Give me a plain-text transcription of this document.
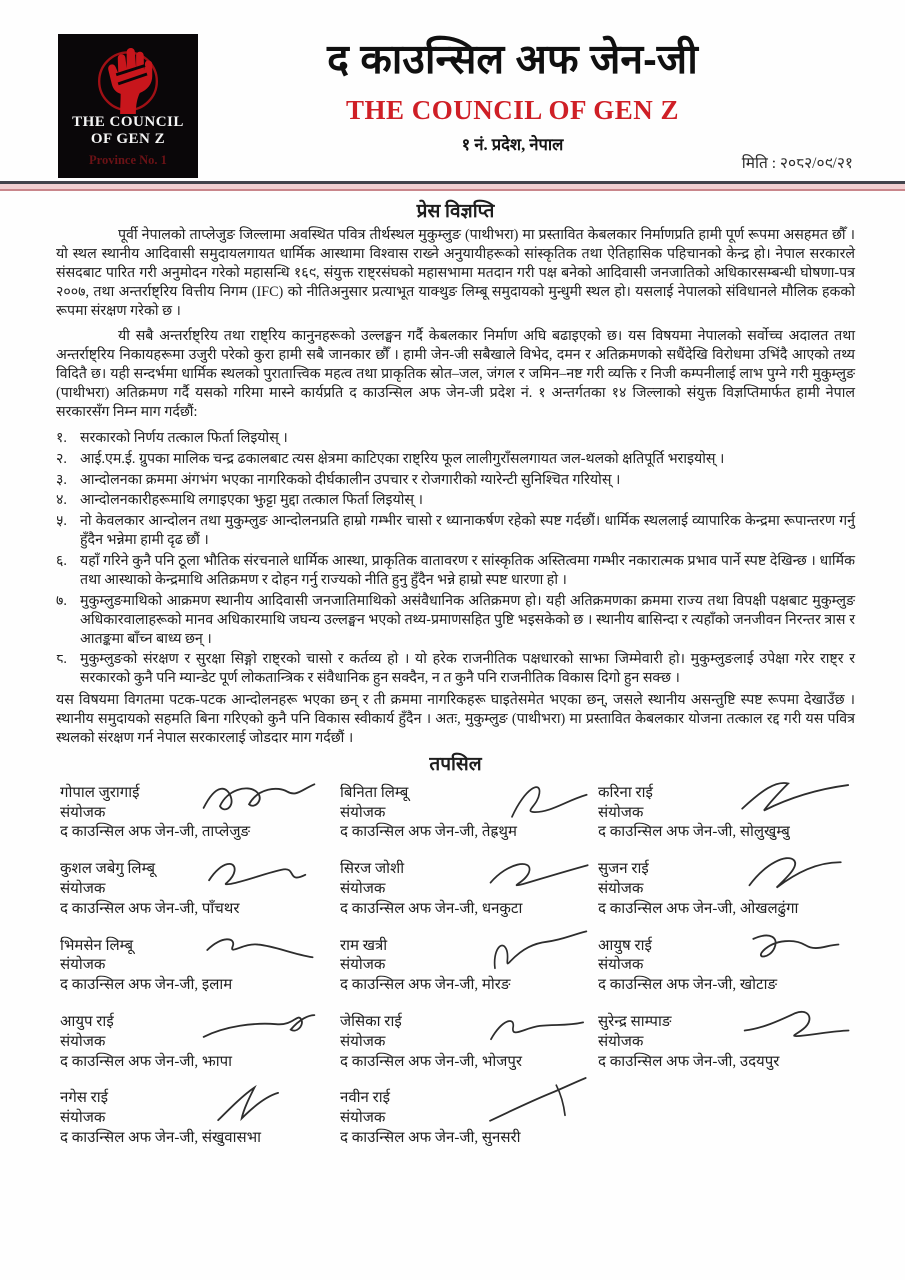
THE COUNCIL
OF GEN Z
Province No. 1
द काउन्सिल अफ जेन-जी
THE COUNCIL OF GEN Z
१ नं. प्रदेश, नेपाल
मिति : २०८२/०९/२१
प्रेस विज्ञप्ति

पूर्वी नेपालको ताप्लेजुङ जिल्लामा अवस्थित पवित्र तीर्थस्थल मुकुम्लुङ (पाथीभरा) मा प्रस्तावित केबलकार निर्माणप्रति हामी पूर्ण रूपमा असहमत छौँ । यो स्थल स्थानीय आदिवासी समुदायलगायत धार्मिक आस्थामा विश्वास राख्ने अनुयायीहरूको सांस्कृतिक तथा ऐतिहासिक पहिचानको केन्द्र हो। नेपाल सरकारले संसदबाट पारित गरी अनुमोदन गरेको महासन्धि १६९, संयुक्त राष्ट्रसंघको महासभामा मतदान गरी पक्ष बनेको आदिवासी जनजातिको अधिकारसम्बन्धी घोषणा-पत्र २००७, तथा अन्तर्राष्ट्रिय वित्तीय निगम (IFC) को नीतिअनुसार प्रत्याभूत याक्थुङ लिम्बू समुदायको मुन्धुमी स्थल हो। यसलाई नेपालको संविधानले मौलिक हकको रूपमा संरक्षण गरेको छ ।

यी सबै अन्तर्राष्ट्रिय तथा राष्ट्रिय कानुनहरूको उल्लङ्घन गर्दै केबलकार निर्माण अघि बढाइएको छ। यस विषयमा नेपालको सर्वोच्च अदालत तथा अन्तर्राष्ट्रिय निकायहरूमा उजुरी परेको कुरा हामी सबै जानकार छौँ । हामी जेन-जी सबैखाले विभेद, दमन र अतिक्रमणको सधैंदेखि विरोधमा उभिंदै आएको तथ्य विदितै छ। यही सन्दर्भमा धार्मिक स्थलको पुरातात्त्विक महत्व तथा प्राकृतिक स्रोत–जल, जंगल र जमिन–नष्ट गरी व्यक्ति र निजी कम्पनीलाई लाभ पुग्ने गरी मुकुम्लुङ (पाथीभरा) अतिक्रमण गर्दै यसको गरिमा मास्ने कार्यप्रति द काउन्सिल अफ जेन-जी प्रदेश नं. १ अन्तर्गतका १४ जिल्लाको संयुक्त विज्ञप्तिमार्फत हामी नेपाल सरकारसँग निम्न माग गर्दछौं:

१. सरकारको निर्णय तत्काल फिर्ता लिइयोस् ।
२. आई.एम.ई. ग्रुपका मालिक चन्द्र ढकालबाट त्यस क्षेत्रमा काटिएका राष्ट्रिय फूल लालीगुराँसलगायत जल-थलको क्षतिपूर्ति भराइयोस् ।
३. आन्दोलनका क्रममा अंगभंग भएका नागरिकको दीर्घकालीन उपचार र रोजगारीको ग्यारेन्टी सुनिश्चित गरियोस् ।
४. आन्दोलनकारीहरूमाथि लगाइएका झुट्टा मुद्दा तत्काल फिर्ता लिइयोस् ।
५. नो केवलकार आन्दोलन तथा मुकुम्लुङ आन्दोलनप्रति हाम्रो गम्भीर चासो र ध्यानाकर्षण रहेको स्पष्ट गर्दछौं। धार्मिक स्थललाई व्यापारिक केन्द्रमा रूपान्तरण गर्नु हुँदैन भन्नेमा हामी दृढ छौं ।
६. यहाँ गरिने कुनै पनि ठूला भौतिक संरचनाले धार्मिक आस्था, प्राकृतिक वातावरण र सांस्कृतिक अस्तित्वमा गम्भीर नकारात्मक प्रभाव पार्ने स्पष्ट देखिन्छ । धार्मिक तथा आस्थाको केन्द्रमाथि अतिक्रमण र दोहन गर्नु राज्यको नीति हुनु हुँदैन भन्ने हाम्रो स्पष्ट धारणा हो ।
७. मुकुम्लुङमाथिको आक्रमण स्थानीय आदिवासी जनजातिमाथिको असंवैधानिक अतिक्रमण हो। यही अतिक्रमणका क्रममा राज्य तथा विपक्षी पक्षबाट मुकुम्लुङ अधिकारवालाहरूको मानव अधिकारमाथि जघन्य उल्लङ्घन भएको तथ्य-प्रमाणसहित पुष्टि भइसकेको छ । स्थानीय बासिन्दा र त्यहाँको जनजीवन निरन्तर त्रास र आतङ्कमा बाँच्न बाध्य छन् ।
८. मुकुम्लुङको संरक्षण र सुरक्षा सिङ्गो राष्ट्रको चासो र कर्तव्य हो । यो हरेक राजनीतिक पक्षधारको साझा जिम्मेवारी हो। मुकुम्लुङलाई उपेक्षा गरेर राष्ट्र र सरकारको कुनै पनि म्यान्डेट पूर्ण लोकतान्त्रिक र संवैधानिक हुन सक्दैन, न त कुनै पनि राजनीतिक विकास दिगो हुन सक्छ ।

यस विषयमा विगतमा पटक-पटक आन्दोलनहरू भएका छन् र ती क्रममा नागरिकहरू घाइतेसमेत भएका छन्, जसले स्थानीय असन्तुष्टि स्पष्ट रूपमा देखाउँछ । स्थानीय समुदायको सहमति बिना गरिएको कुनै पनि विकास स्वीकार्य हुँदैन । अतः, मुकुम्लुङ (पाथीभरा) मा प्रस्तावित केबलकार योजना तत्काल रद्द गरी यस पवित्र स्थलको संरक्षण गर्न नेपाल सरकारलाई जोडदार माग गर्दछौं ।

तपसिल
गोपाल जुरागाई
संयोजक
द काउन्सिल अफ जेन-जी, ताप्लेजुङ
बिनिता लिम्बू
संयोजक
द काउन्सिल अफ जेन-जी, तेह्रथुम
करिना राई
संयोजक
द काउन्सिल अफ जेन-जी, सोलुखुम्बु
कुशल जबेगु लिम्बू
संयोजक
द काउन्सिल अफ जेन-जी, पाँचथर
सिरज जोशी
संयोजक
द काउन्सिल अफ जेन-जी, धनकुटा
सुजन राई
संयोजक
द काउन्सिल अफ जेन-जी, ओखलढुंगा
भिमसेन लिम्बू
संयोजक
द काउन्सिल अफ जेन-जी, इलाम
राम खत्री
संयोजक
द काउन्सिल अफ जेन-जी, मोरङ
आयुष राई
संयोजक
द काउन्सिल अफ जेन-जी, खोटाङ
आयुप राई
संयोजक
द काउन्सिल अफ जेन-जी, झापा
जेसिका राई
संयोजक
द काउन्सिल अफ जेन-जी, भोजपुर
सुरेन्द्र साम्पाङ
संयोजक
द काउन्सिल अफ जेन-जी, उदयपुर
नगेस राई
संयोजक
द काउन्सिल अफ जेन-जी, संखुवासभा
नवीन राई
संयोजक
द काउन्सिल अफ जेन-जी, सुनसरी
